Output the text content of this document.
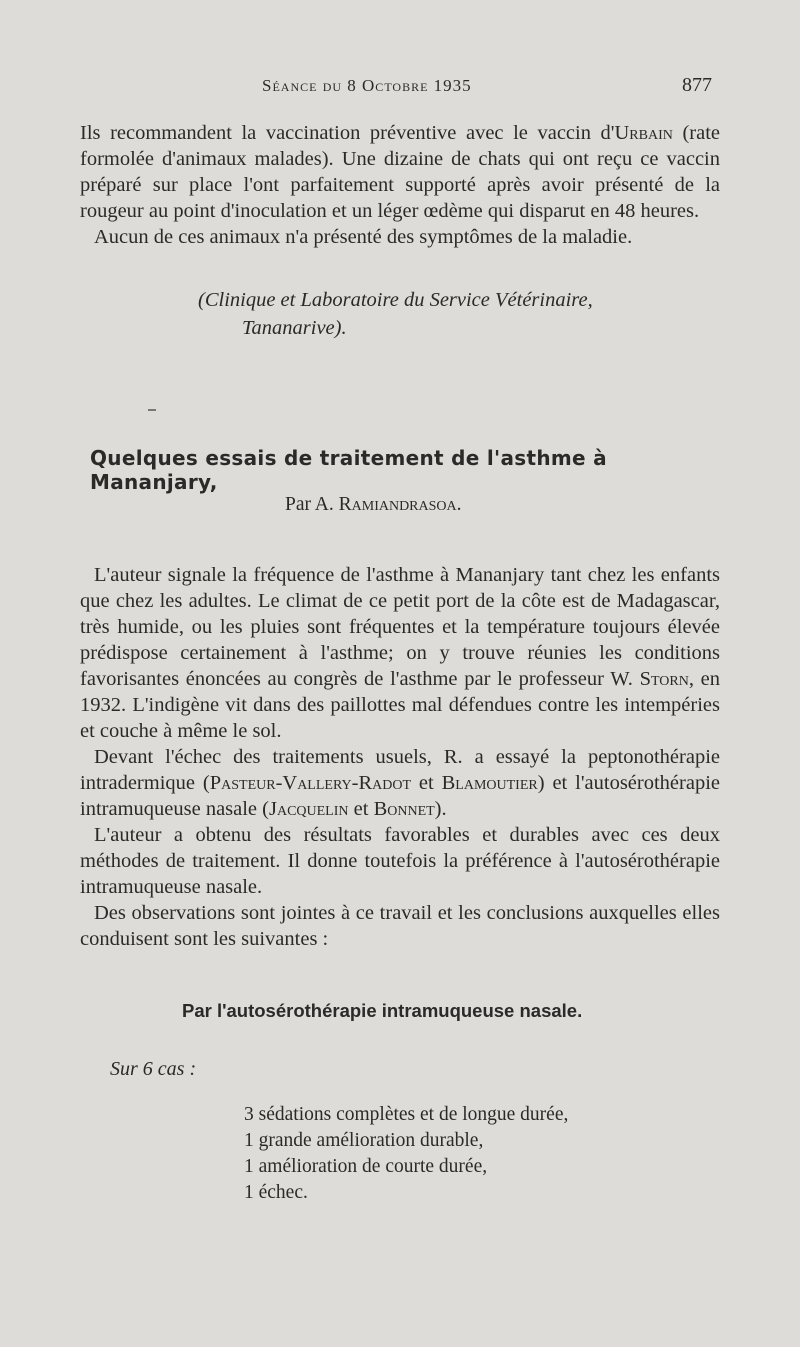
Séance du 8 Octobre 1935	877

Ils recommandent la vaccination préventive avec le vaccin d'Urbain (rate formolée d'animaux malades). Une dizaine de chats qui ont reçu ce vaccin préparé sur place l'ont parfaitement supporté après avoir présenté de la rougeur au point d'inoculation et un léger œdème qui disparut en 48 heures.

Aucun de ces animaux n'a présenté des symptômes de la maladie.

(Clinique et Laboratoire du Service Vétérinaire,
Tananarive).
Quelques essais de traitement de l'asthme à Mananjary,
Par A. Ramiandrasoa.

L'auteur signale la fréquence de l'asthme à Mananjary tant chez les enfants que chez les adultes. Le climat de ce petit port de la côte est de Madagascar, très humide, ou les pluies sont fréquentes et la température toujours élevée prédispose certainement à l'asthme; on y trouve réunies les conditions favorisantes énoncées au congrès de l'asthme par le professeur W. Storn, en 1932. L'indigène vit dans des paillottes mal défendues contre les intempéries et couche à même le sol.

Devant l'échec des traitements usuels, R. a essayé la peptonothérapie intradermique (Pasteur-Vallery-Radot et Blamoutier) et l'autosérothérapie intramuqueuse nasale (Jacquelin et Bonnet).

L'auteur a obtenu des résultats favorables et durables avec ces deux méthodes de traitement. Il donne toutefois la préférence à l'autosérothérapie intramuqueuse nasale.

Des observations sont jointes à ce travail et les conclusions auxquelles elles conduisent sont les suivantes :

Par l'autosérothérapie intramuqueuse nasale.
Sur 6 cas :
3 sédations complètes et de longue durée,
1 grande amélioration durable,
1 amélioration de courte durée,
1 échec.
